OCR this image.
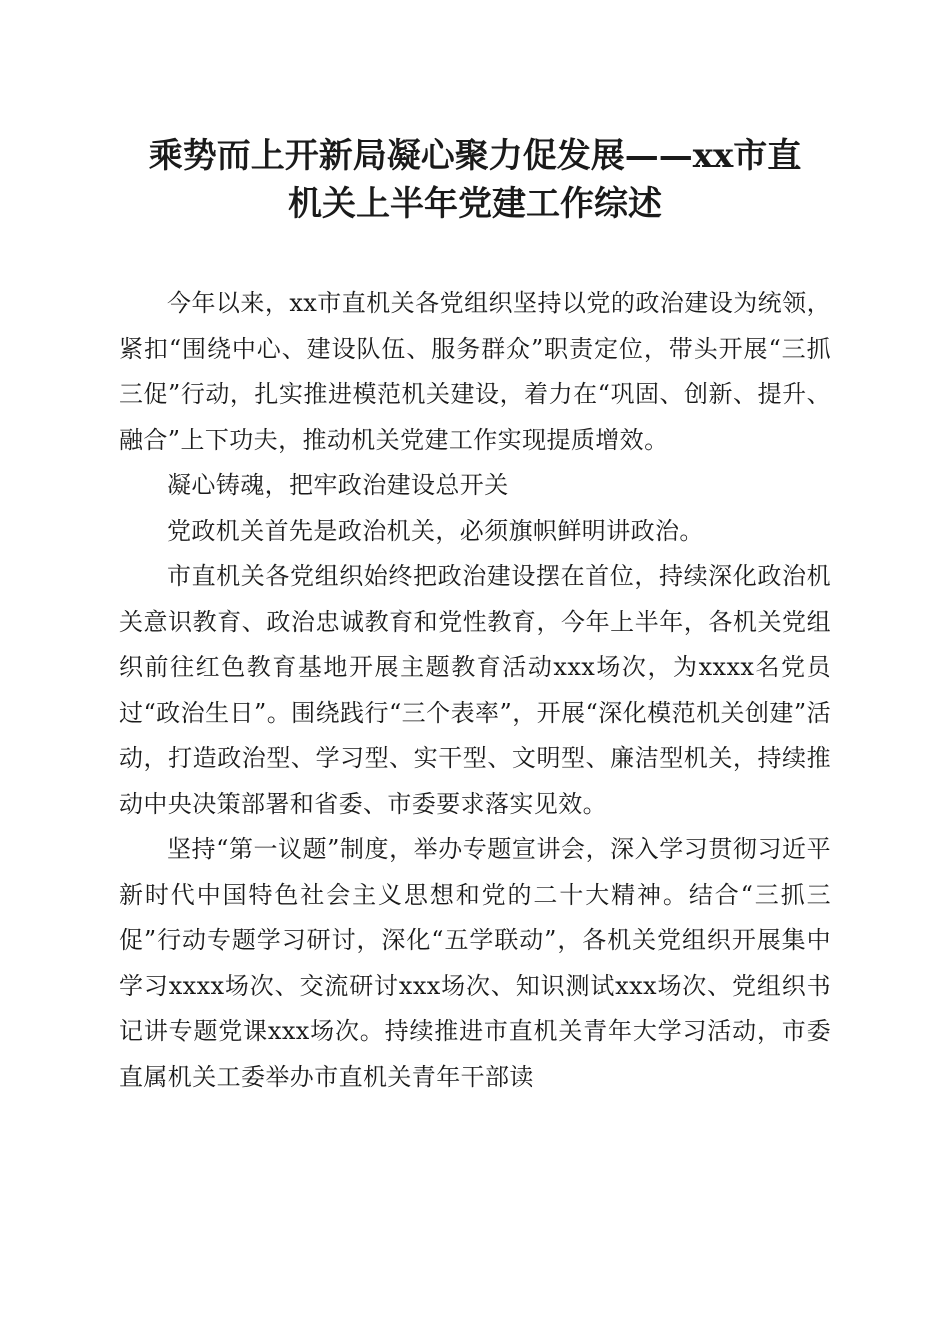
乘势而上开新局凝心聚力促发展——xx市直
机关上半年党建工作综述

今年以来，xx市直机关各党组织坚持以党的政治建设为统领，紧扣“围绕中心、建设队伍、服务群众”职责定位，带头开展“三抓三促”行动，扎实推进模范机关建设，着力在“巩固、创新、提升、融合”上下功夫，推动机关党建工作实现提质增效。

凝心铸魂，把牢政治建设总开关

党政机关首先是政治机关，必须旗帜鲜明讲政治。

市直机关各党组织始终把政治建设摆在首位，持续深化政治机关意识教育、政治忠诚教育和党性教育，今年上半年，各机关党组织前往红色教育基地开展主题教育活动xxx场次，为xxxx名党员过“政治生日”。围绕践行“三个表率”，开展“深化模范机关创建”活动，打造政治型、学习型、实干型、文明型、廉洁型机关，持续推动中央决策部署和省委、市委要求落实见效。

坚持“第一议题”制度，举办专题宣讲会，深入学习贯彻习近平新时代中国特色社会主义思想和党的二十大精神。结合“三抓三促”行动专题学习研讨，深化“五学联动”，各机关党组织开展集中学习xxxx场次、交流研讨xxx场次、知识测试xxx场次、党组织书记讲专题党课xxx场次。持续推进市直机关青年大学习活动，市委直属机关工委举办市直机关青年干部读
